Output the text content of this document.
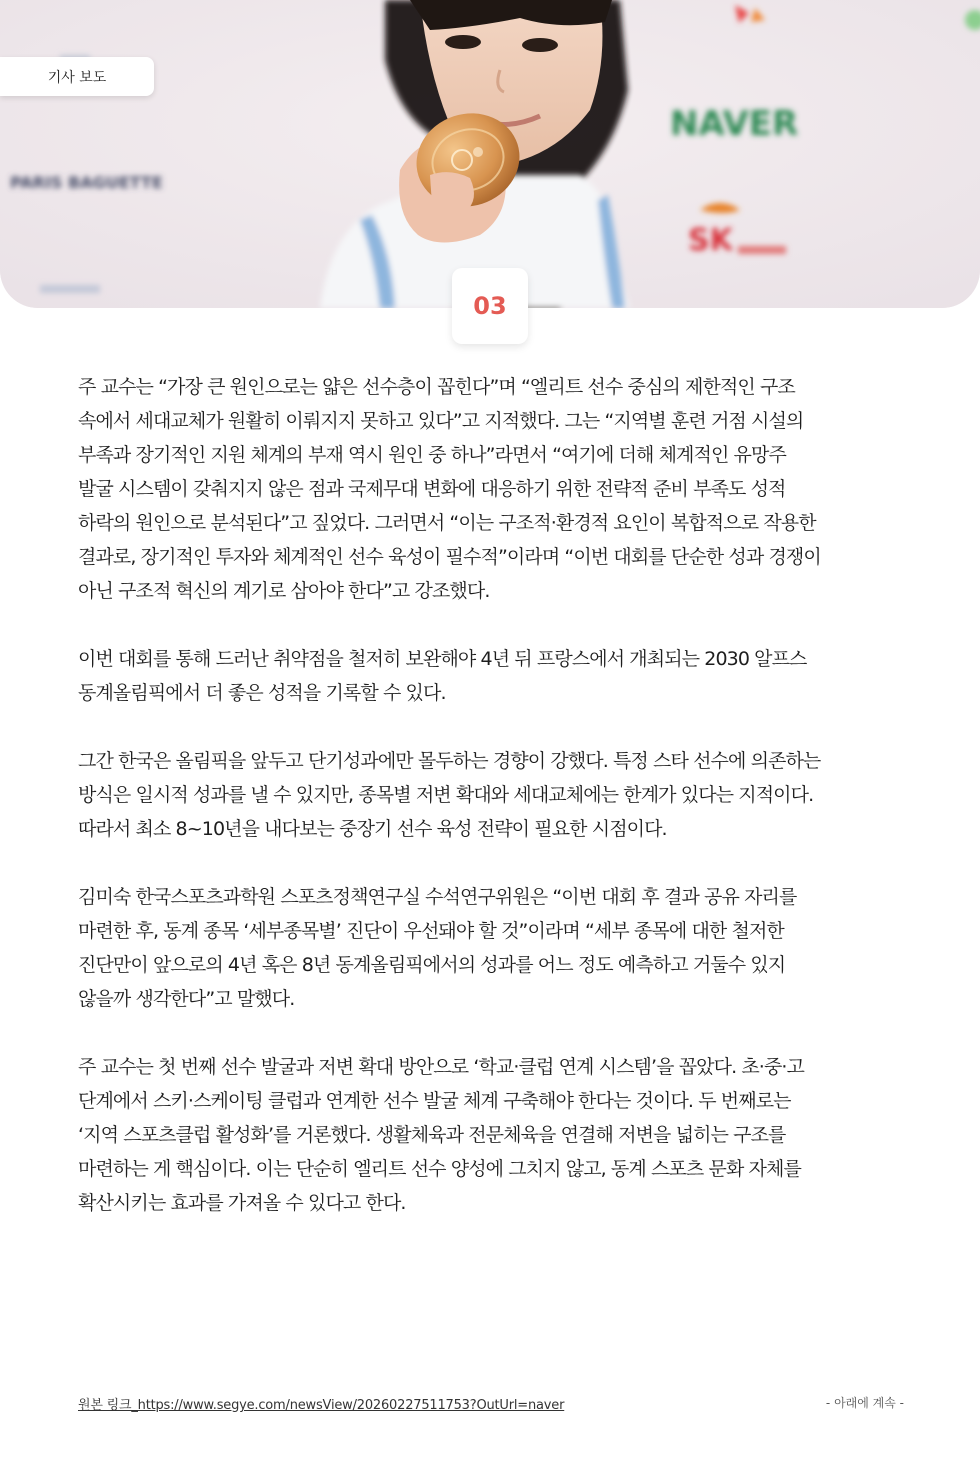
NAVER
PARIS BAGUETTE
SK
기사 보도
03

주 교수는 “가장 큰 원인으로는 얇은 선수층이 꼽힌다”며 “엘리트 선수 중심의 제한적인 구조
속에서 세대교체가 원활히 이뤄지지 못하고 있다”고 지적했다. 그는 “지역별 훈련 거점 시설의
부족과 장기적인 지원 체계의 부재 역시 원인 중 하나”라면서 “여기에 더해 체계적인 유망주
발굴 시스템이 갖춰지지 않은 점과 국제무대 변화에 대응하기 위한 전략적 준비 부족도 성적
하락의 원인으로 분석된다”고 짚었다. 그러면서 “이는 구조적·환경적 요인이 복합적으로 작용한
결과로, 장기적인 투자와 체계적인 선수 육성이 필수적”이라며 “이번 대회를 단순한 성과 경쟁이
아닌 구조적 혁신의 계기로 삼아야 한다”고 강조했다.

이번 대회를 통해 드러난 취약점을 철저히 보완해야 4년 뒤 프랑스에서 개최되는 2030 알프스
동계올림픽에서 더 좋은 성적을 기록할 수 있다.

그간 한국은 올림픽을 앞두고 단기성과에만 몰두하는 경향이 강했다. 특정 스타 선수에 의존하는
방식은 일시적 성과를 낼 수 있지만, 종목별 저변 확대와 세대교체에는 한계가 있다는 지적이다.
따라서 최소 8~10년을 내다보는 중장기 선수 육성 전략이 필요한 시점이다.

김미숙 한국스포츠과학원 스포츠정책연구실 수석연구위원은 “이번 대회 후 결과 공유 자리를
마련한 후, 동계 종목 ‘세부종목별’ 진단이 우선돼야 할 것”이라며 “세부 종목에 대한 철저한
진단만이 앞으로의 4년 혹은 8년 동계올림픽에서의 성과를 어느 정도 예측하고 거둘수 있지
않을까 생각한다”고 말했다.

주 교수는 첫 번째 선수 발굴과 저변 확대 방안으로 ‘학교·클럽 연계 시스템’을 꼽았다. 초·중·고
단계에서 스키·스케이팅 클럽과 연계한 선수 발굴 체계 구축해야 한다는 것이다. 두 번째로는
‘지역 스포츠클럽 활성화’를 거론했다. 생활체육과 전문체육을 연결해 저변을 넓히는 구조를
마련하는 게 핵심이다. 이는 단순히 엘리트 선수 양성에 그치지 않고, 동계 스포츠 문화 자체를
확산시키는 효과를 가져올 수 있다고 한다.

원본 링크_https://www.segye.com/newsView/20260227511753?OutUrl=naver	- 아래에 계속 -
